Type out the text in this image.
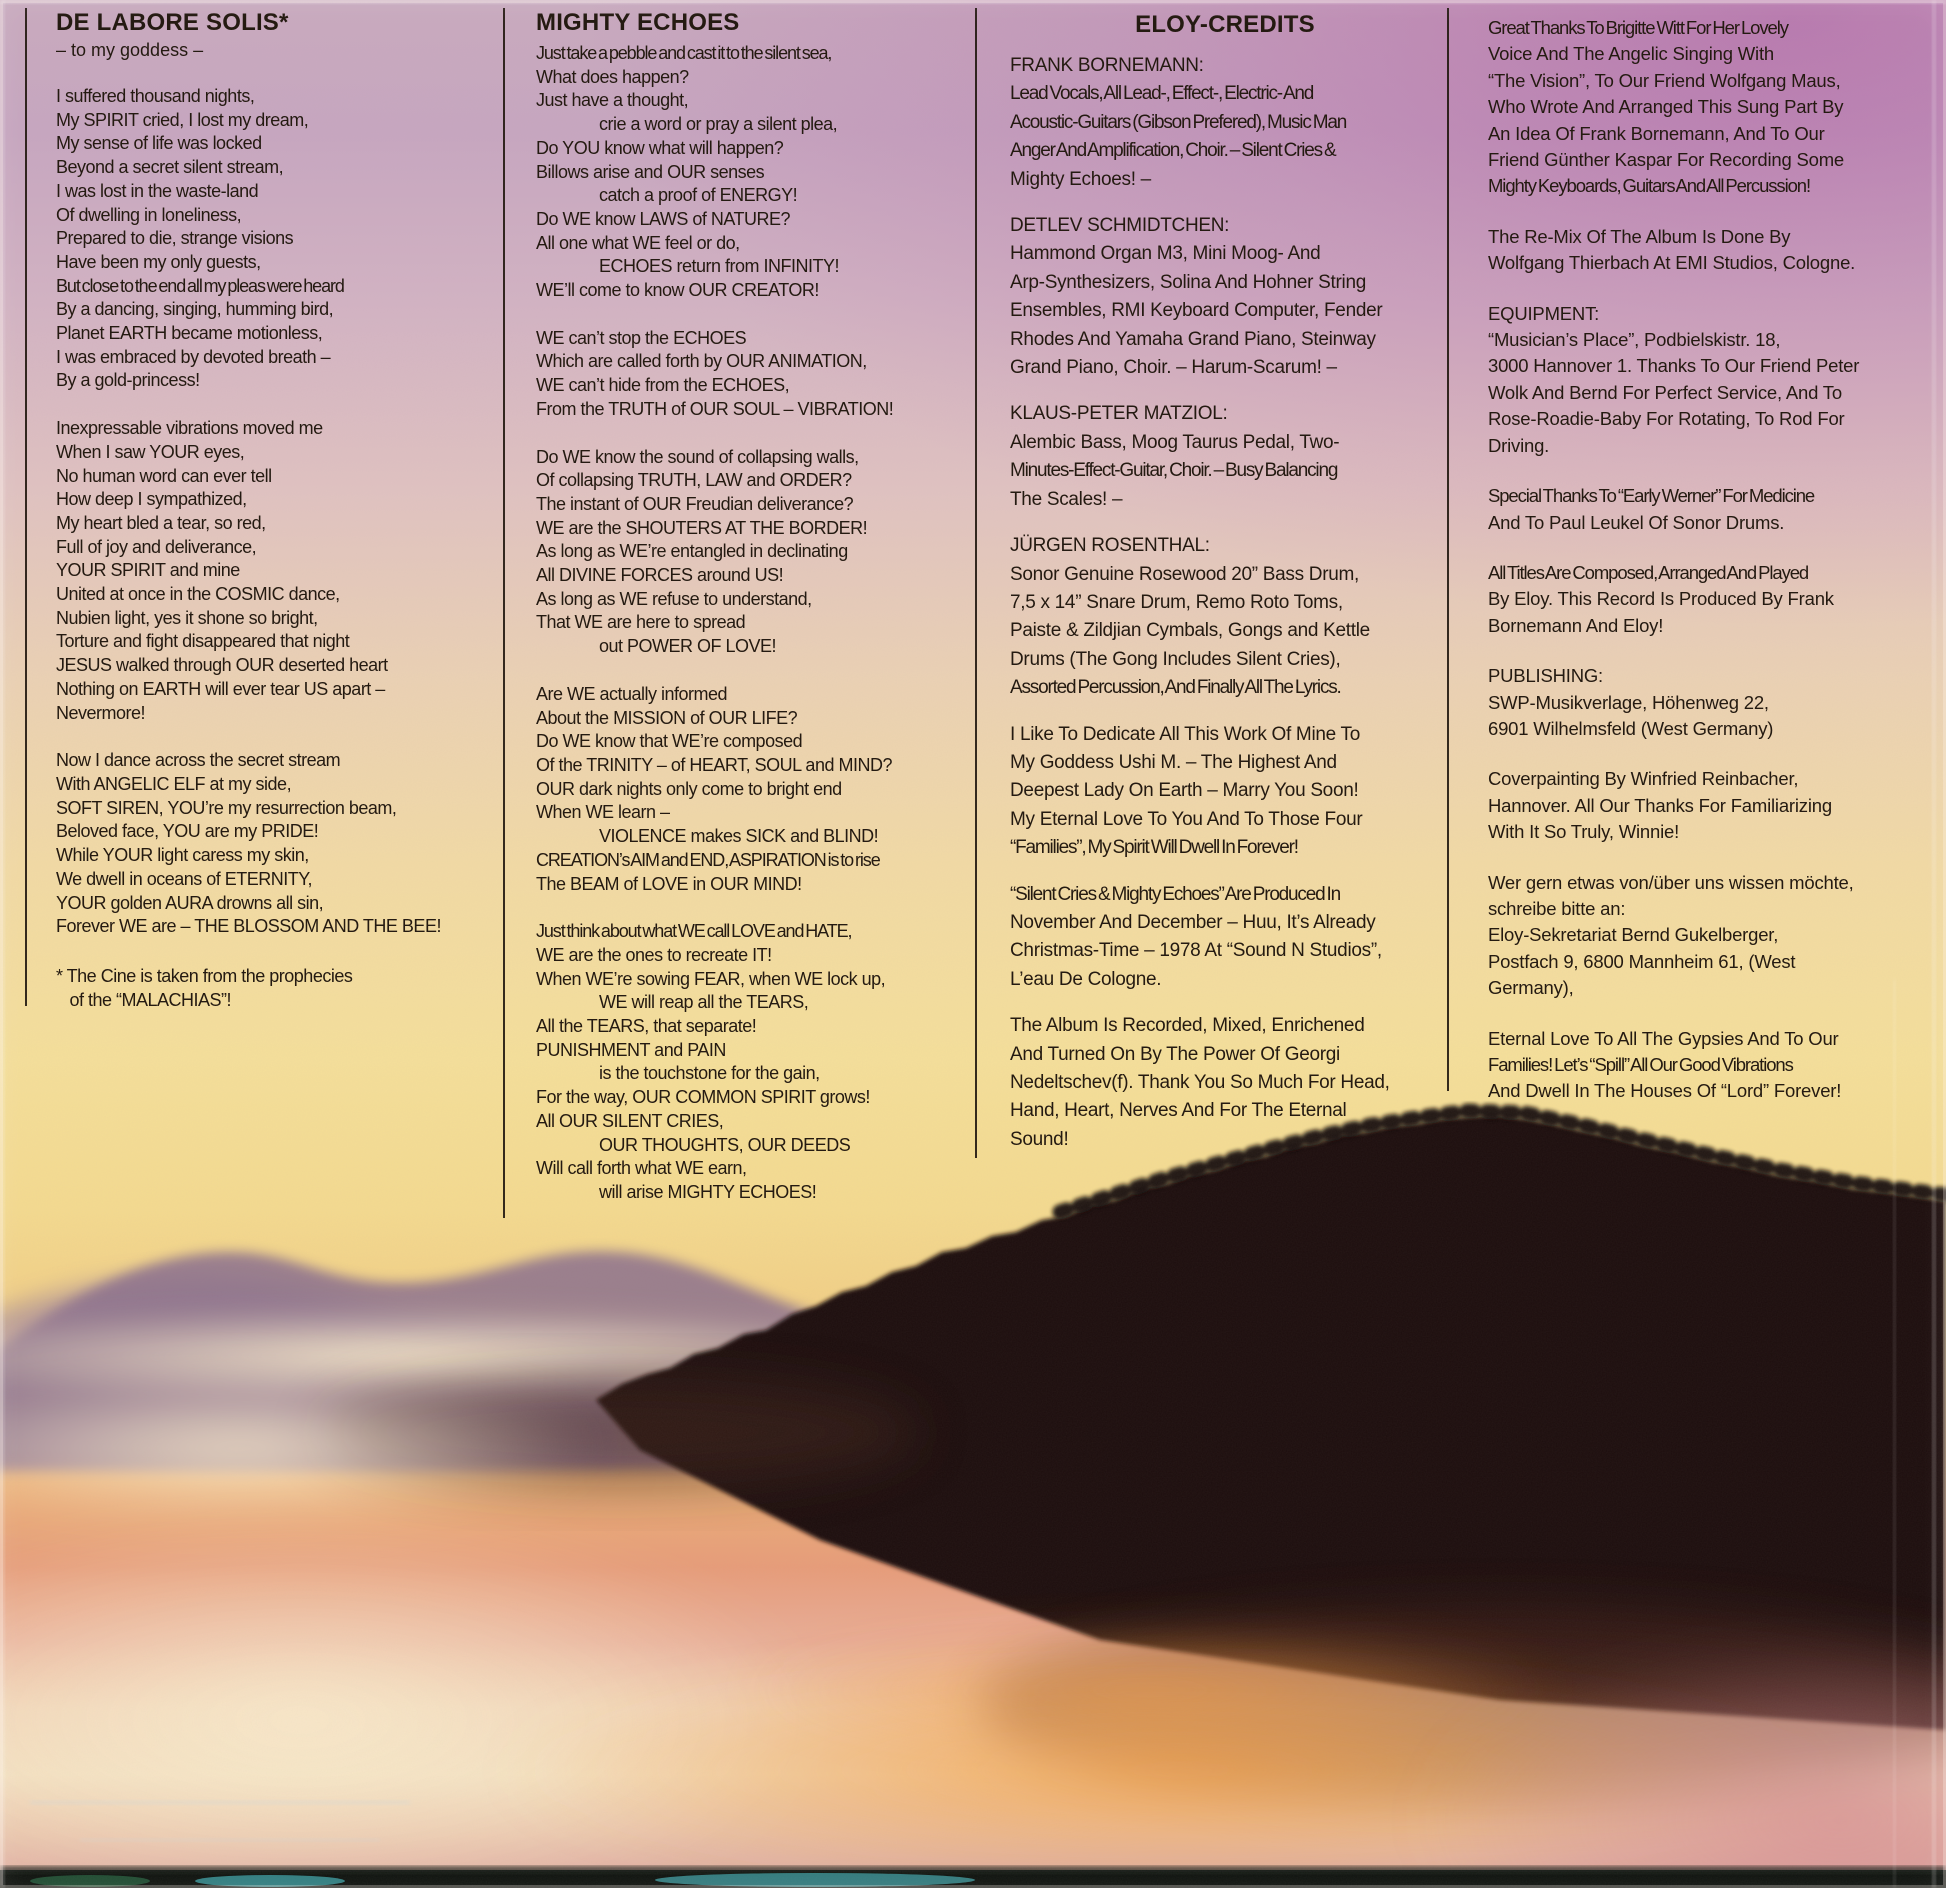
DE LABORE SOLIS*
– to my goddess –
I suffered thousand nights,
My SPIRIT cried, I lost my dream,
My sense of life was locked
Beyond a secret silent stream,
I was lost in the waste-land
Of dwelling in loneliness,
Prepared to die, strange visions
Have been my only guests,
But close to the end all my pleas were heard
By a dancing, singing, humming bird,
Planet EARTH became motionless,
I was embraced by devoted breath –
By a gold-princess!
Inexpressable vibrations moved me
When I saw YOUR eyes,
No human word can ever tell
How deep I sympathized,
My heart bled a tear, so red,
Full of joy and deliverance,
YOUR SPIRIT and mine
United at once in the COSMIC dance,
Nubien light, yes it shone so bright,
Torture and fight disappeared that night
JESUS walked through OUR deserted heart
Nothing on EARTH will ever tear US apart –
Nevermore!
Now I dance across the secret stream
With ANGELIC ELF at my side,
SOFT SIREN, YOU’re my resurrection beam,
Beloved face, YOU are my PRIDE!
While YOUR light caress my skin,
We dwell in oceans of ETERNITY,
YOUR golden AURA drowns all sin,
Forever WE are – THE BLOSSOM AND THE BEE!
* The Cine is taken from the prophecies
of the “MALACHIAS”!
MIGHTY ECHOES
Just take a pebble and cast it to the silent sea,
What does happen?
Just have a thought,
crie a word or pray a silent plea,
Do YOU know what will happen?
Billows arise and OUR senses
catch a proof of ENERGY!
Do WE know LAWS of NATURE?
All one what WE feel or do,
ECHOES return from INFINITY!
WE’ll come to know OUR CREATOR!
WE can’t stop the ECHOES
Which are called forth by OUR ANIMATION,
WE can’t hide from the ECHOES,
From the TRUTH of OUR SOUL – VIBRATION!
Do WE know the sound of collapsing walls,
Of collapsing TRUTH, LAW and ORDER?
The instant of OUR Freudian deliverance?
WE are the SHOUTERS AT THE BORDER!
As long as WE’re entangled in declinating
All DIVINE FORCES around US!
As long as WE refuse to understand,
That WE are here to spread
out POWER OF LOVE!
Are WE actually informed
About the MISSION of OUR LIFE?
Do WE know that WE’re composed
Of the TRINITY – of HEART, SOUL and MIND?
OUR dark nights only come to bright end
When WE learn –
VIOLENCE makes SICK and BLIND!
CREATION’s AIM and END, ASPIRATION is to rise
The BEAM of LOVE in OUR MIND!
Just think about what WE call LOVE and HATE,
WE are the ones to recreate IT!
When WE’re sowing FEAR, when WE lock up,
WE will reap all the TEARS,
All the TEARS, that separate!
PUNISHMENT and PAIN
is the touchstone for the gain,
For the way, OUR COMMON SPIRIT grows!
All OUR SILENT CRIES,
OUR THOUGHTS, OUR DEEDS
Will call forth what WE earn,
will arise MIGHTY ECHOES!
ELOY-CREDITS
FRANK BORNEMANN:
Lead Vocals, All Lead-, Effect-, Electric- And
Acoustic-Guitars (Gibson Prefered), Music Man
Anger And Amplification, Choir. – Silent Cries &
Mighty Echoes! –
DETLEV SCHMIDTCHEN:
Hammond Organ M3, Mini Moog- And
Arp-Synthesizers, Solina And Hohner String
Ensembles, RMI Keyboard Computer, Fender
Rhodes And Yamaha Grand Piano, Steinway
Grand Piano, Choir. – Harum-Scarum! –
KLAUS-PETER MATZIOL:
Alembic Bass, Moog Taurus Pedal, Two-
Minutes-Effect-Guitar, Choir. – Busy Balancing
The Scales! –
JÜRGEN ROSENTHAL:
Sonor Genuine Rosewood 20” Bass Drum,
7,5 x 14” Snare Drum, Remo Roto Toms,
Paiste & Zildjian Cymbals, Gongs and Kettle
Drums (The Gong Includes Silent Cries),
Assorted Percussion, And Finally All The Lyrics.
I Like To Dedicate All This Work Of Mine To
My Goddess Ushi M. – The Highest And
Deepest Lady On Earth – Marry You Soon!
My Eternal Love To You And To Those Four
“Families”, My Spirit Will Dwell In Forever!
“Silent Cries & Mighty Echoes” Are Produced In
November And December – Huu, It’s Already
Christmas-Time – 1978 At “Sound N Studios”,
L’eau De Cologne.
The Album Is Recorded, Mixed, Enrichened
And Turned On By The Power Of Georgi
Nedeltschev(f). Thank You So Much For Head,
Hand, Heart, Nerves And For The Eternal
Sound!
Great Thanks To Brigitte Witt For Her Lovely
Voice And The Angelic Singing With
“The Vision”, To Our Friend Wolfgang Maus,
Who Wrote And Arranged This Sung Part By
An Idea Of Frank Bornemann, And To Our
Friend Günther Kaspar For Recording Some
Mighty Keyboards, Guitars And All Percussion!
The Re-Mix Of The Album Is Done By
Wolfgang Thierbach At EMI Studios, Cologne.
EQUIPMENT:
“Musician’s Place”, Podbielskistr. 18,
3000 Hannover 1. Thanks To Our Friend Peter
Wolk And Bernd For Perfect Service, And To
Rose-Roadie-Baby For Rotating, To Rod For
Driving.
Special Thanks To “Early Werner” For Medicine
And To Paul Leukel Of Sonor Drums.
All Titles Are Composed, Arranged And Played
By Eloy. This Record Is Produced By Frank
Bornemann And Eloy!
PUBLISHING:
SWP-Musikverlage, Höhenweg 22,
6901 Wilhelmsfeld (West Germany)
Coverpainting By Winfried Reinbacher,
Hannover. All Our Thanks For Familiarizing
With It So Truly, Winnie!
Wer gern etwas von/über uns wissen möchte,
schreibe bitte an:
Eloy-Sekretariat Bernd Gukelberger,
Postfach 9, 6800 Mannheim 61, (West
Germany),
Eternal Love To All The Gypsies And To Our
Families! Let’s “Spill” All Our Good Vibrations
And Dwell In The Houses Of “Lord” Forever!
